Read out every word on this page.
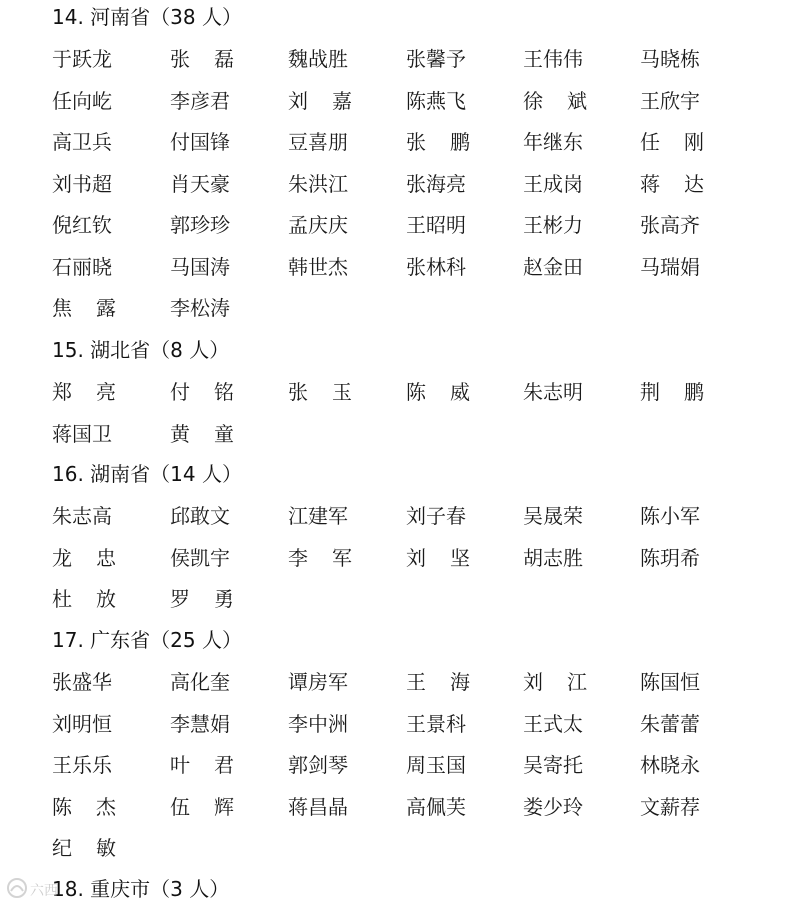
14. 河南省（38 人）
于跃龙	张磊	魏战胜	张馨予	王伟伟	马晓栋
任向屹	李彦君	刘嘉	陈燕飞	徐斌	王欣宇
高卫兵	付国锋	豆喜朋	张鹏	年继东	任刚
刘书超	肖天豪	朱洪江	张海亮	王成岗	蒋达
倪红钦	郭珍珍	孟庆庆	王昭明	王彬力	张高齐
石丽晓	马国涛	韩世杰	张林科	赵金田	马瑞娟
焦露	李松涛
15. 湖北省（8 人）
郑亮	付铭	张玉	陈威	朱志明	荆鹏
蒋国卫	黄童
16. 湖南省（14 人）
朱志高	邱敢文	江建军	刘子春	吴晟荣	陈小军
龙忠	侯凯宇	李军	刘坚	胡志胜	陈玥希
杜放	罗勇
17. 广东省（25 人）
张盛华	高化奎	谭房军	王海	刘江	陈国恒
刘明恒	李慧娟	李中洲	王景科	王式太	朱蕾蕾
王乐乐	叶君	郭剑琴	周玉国	吴寄托	林晓永
陈杰	伍辉	蒋昌晶	高佩芙	娄少玲	文薪荐
纪敏
18. 重庆市（3 人）
六西
